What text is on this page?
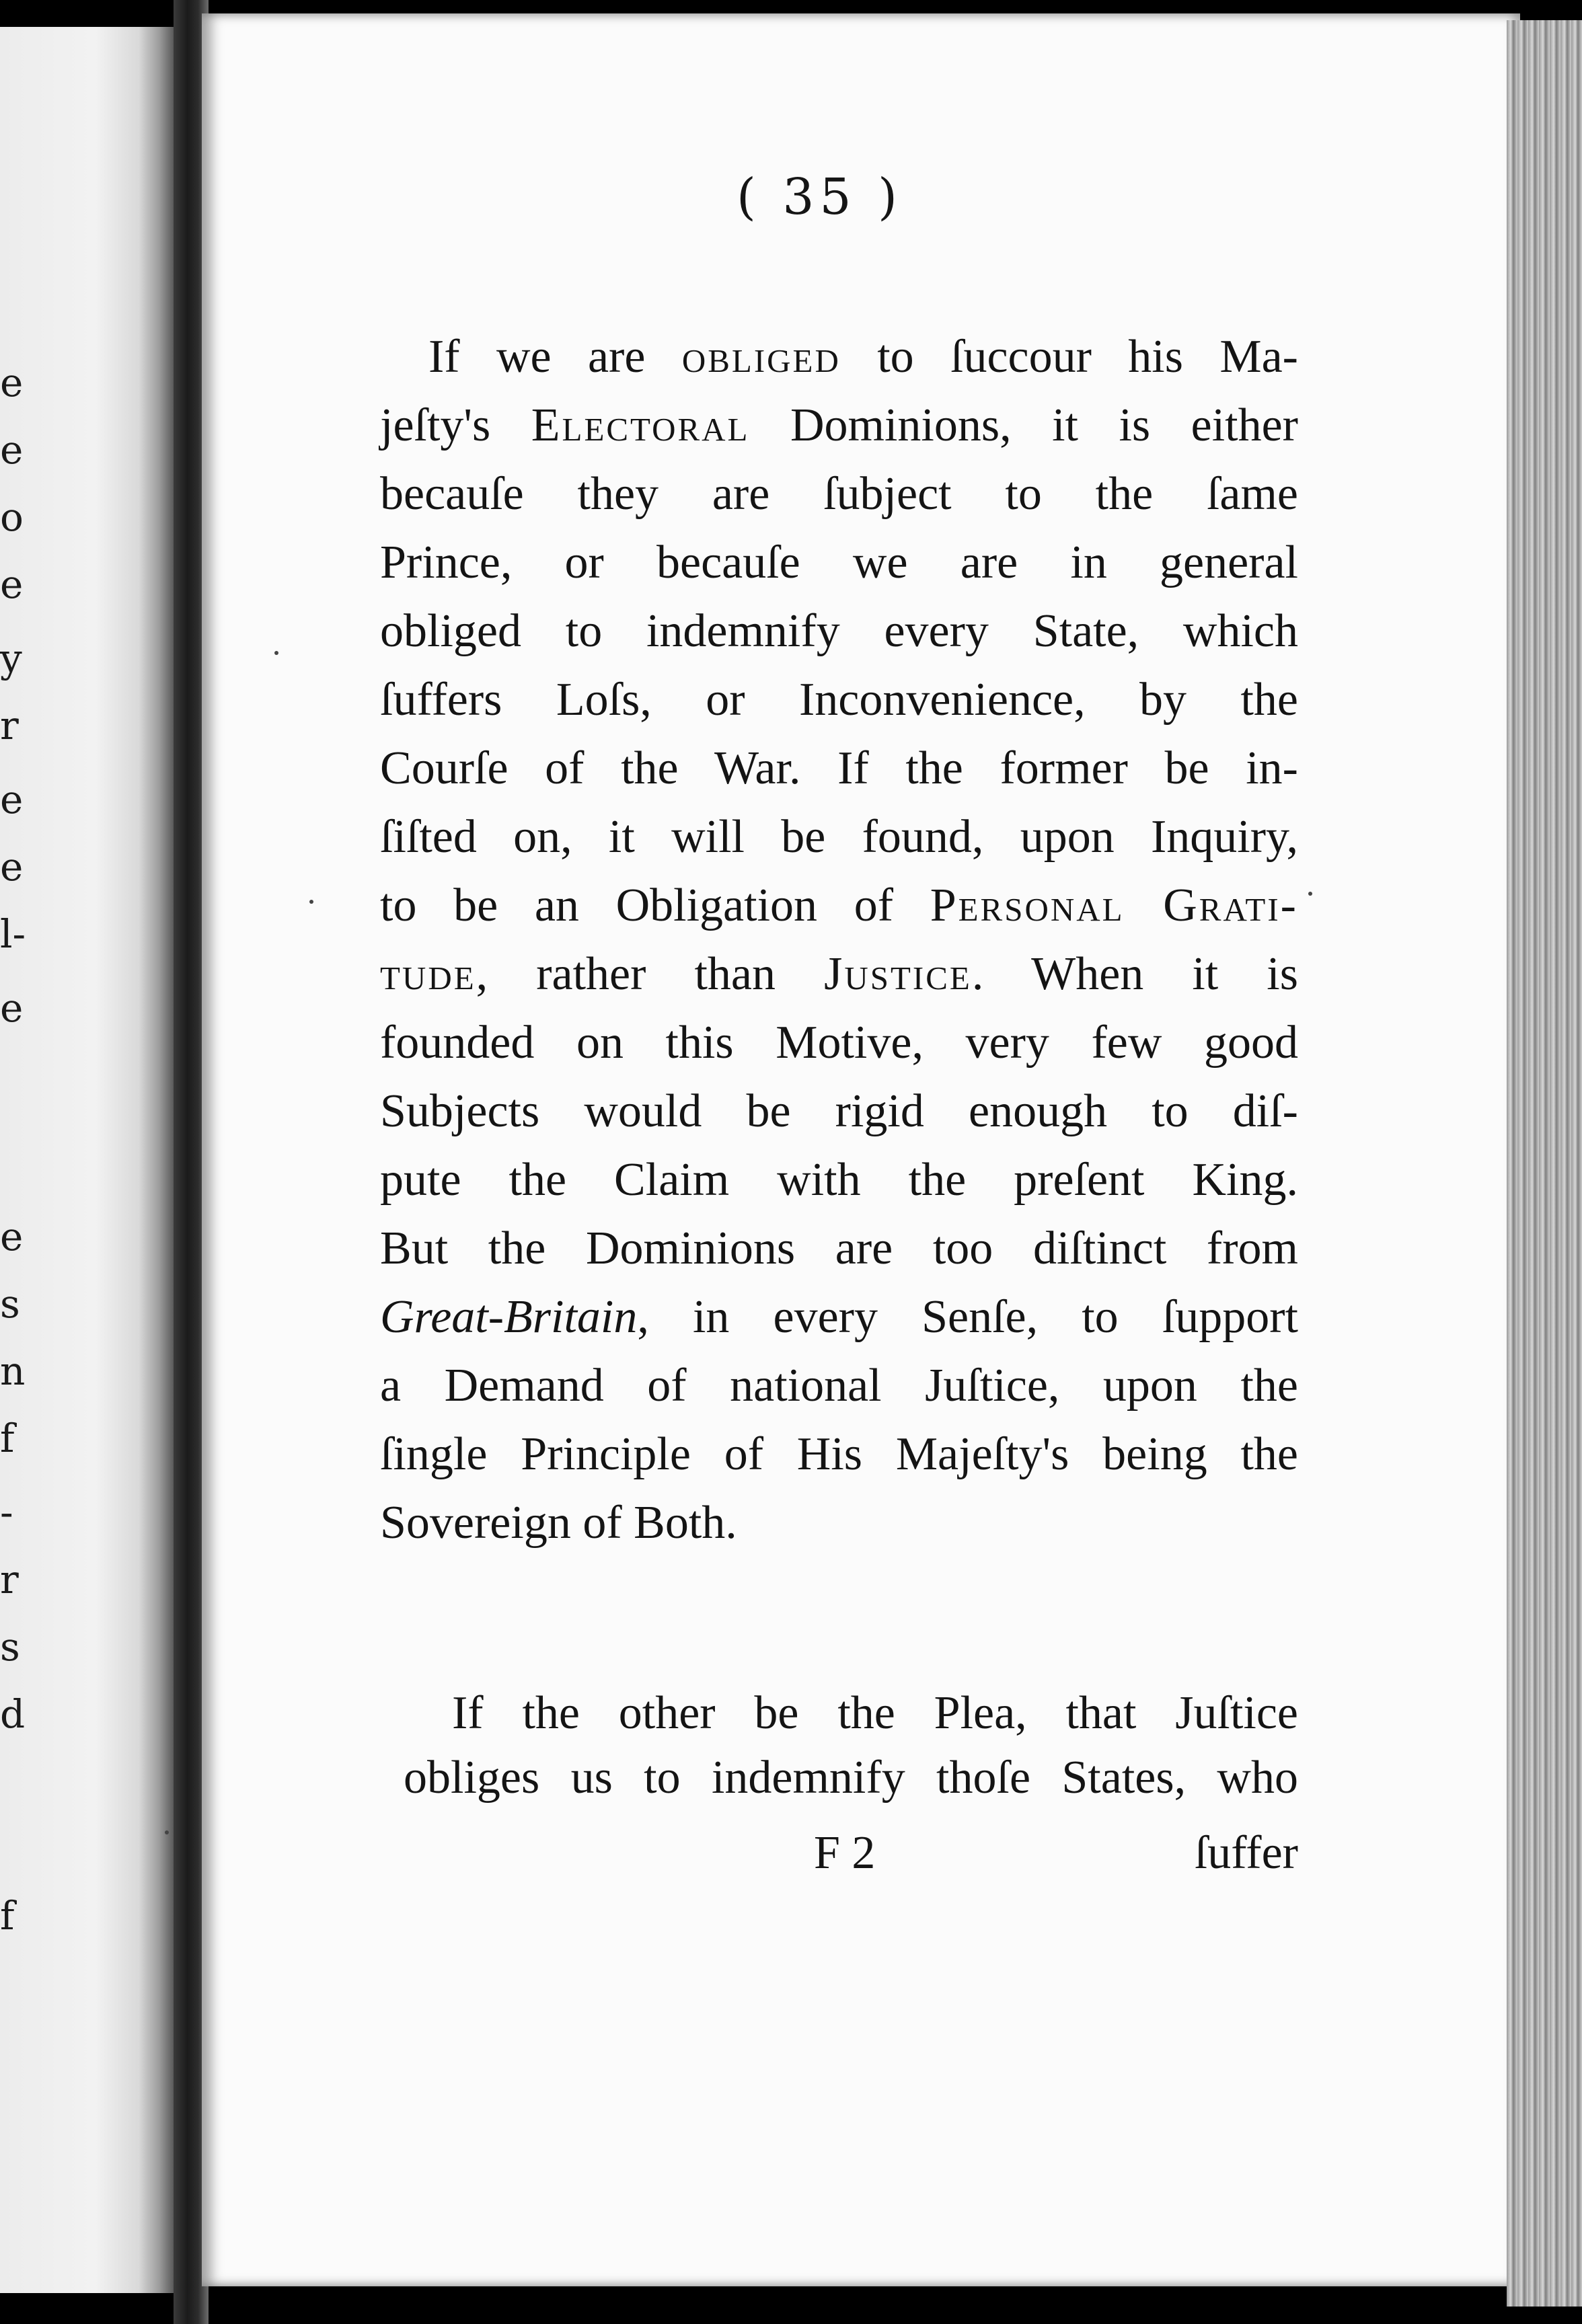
e
e
o
e
y
r
e
e
l-
e
e
s
n
f
-
r
s
d
f
( 35 )
If we are obliged to ſuccour his Ma-
jeſty's Electoral Dominions, it is either
becauſe they are ſubject to the ſame
Prince, or becauſe we are in general
obliged to indemnify every State, which
ſuffers Loſs, or Inconvenience, by the
Courſe of the War. If the former be in-
ſiſted on, it will be found, upon Inquiry,
to be an Obligation of Personal Grati-
tude, rather than Justice. When it is
founded on this Motive, very few good
Subjects would be rigid enough to diſ-
pute the Claim with the preſent King.
But the Dominions are too diſtinct from
Great-Britain, in every Senſe, to ſupport
a Demand of national Juſtice, upon the
ſingle Principle of His Majeſty's being the
Sovereign of Both.
If the other be the Plea, that Juſtice
obliges us to indemnify thoſe States, who
F 2	ſuffer
